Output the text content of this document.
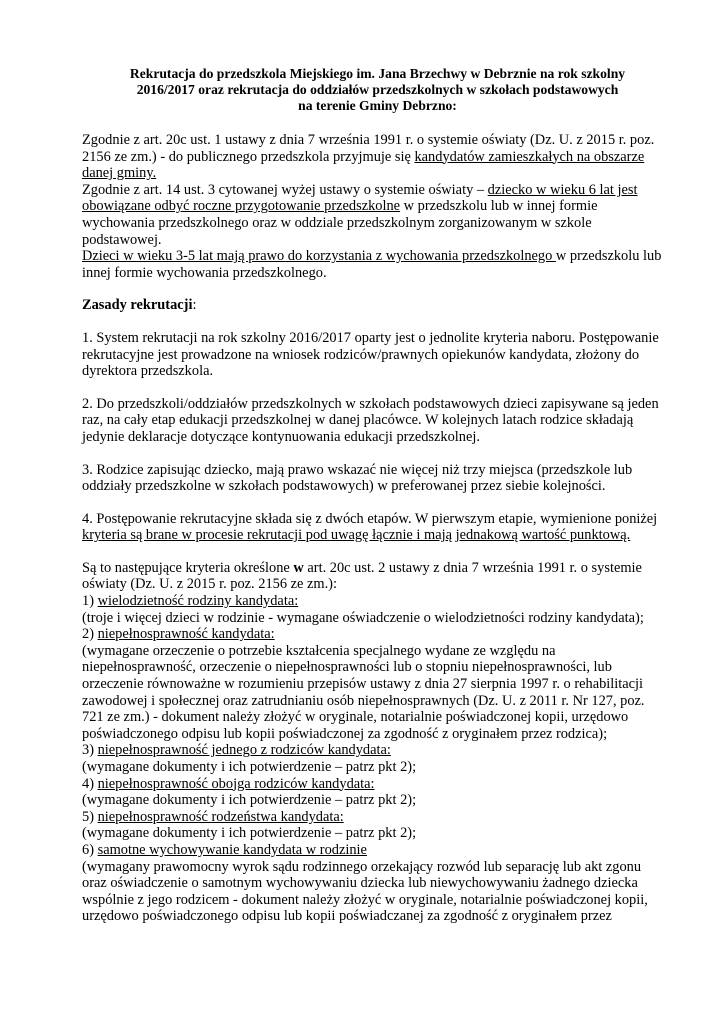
Rekrutacja do przedszkola Miejskiego im. Jana Brzechwy w Debrznie na rok szkolny
2016/2017 oraz rekrutacja do oddziałów przedszkolnych w szkołach podstawowych
na terenie Gminy Debrzno:

Zgodnie z art. 20c ust. 1 ustawy z dnia 7 września 1991 r. o systemie oświaty (Dz. U. z 2015 r. poz. 2156 ze zm.) - do publicznego przedszkola przyjmuje się kandydatów zamieszkałych na obszarze danej gminy.

Zgodnie z art. 14 ust. 3 cytowanej wyżej ustawy o systemie oświaty – dziecko w wieku 6 lat jest obowiązane odbyć roczne przygotowanie przedszkolne w przedszkolu lub w innej formie wychowania przedszkolnego oraz w oddziale przedszkolnym zorganizowanym w szkole podstawowej.

Dzieci w wieku 3-5 lat mają prawo do korzystania z wychowania przedszkolnego w przedszkolu lub innej formie wychowania przedszkolnego.

Zasady rekrutacji:

1. System rekrutacji na rok szkolny 2016/2017 oparty jest o jednolite kryteria naboru. Postępowanie rekrutacyjne jest prowadzone na wniosek rodziców/prawnych opiekunów kandydata, złożony do dyrektora przedszkola.

2. Do przedszkoli/oddziałów przedszkolnych w szkołach podstawowych dzieci zapisywane są jeden raz, na cały etap edukacji przedszkolnej w danej placówce. W kolejnych latach rodzice składają jedynie deklaracje dotyczące kontynuowania edukacji przedszkolnej.

3. Rodzice zapisując dziecko, mają prawo wskazać nie więcej niż trzy miejsca (przedszkole lub oddziały przedszkolne w szkołach podstawowych) w preferowanej przez siebie kolejności.

4. Postępowanie rekrutacyjne składa się z dwóch etapów. W pierwszym etapie, wymienione poniżej kryteria są brane w procesie rekrutacji pod uwagę łącznie i mają jednakową wartość punktową.

Są to następujące kryteria określone w art. 20c ust. 2 ustawy z dnia 7 września 1991 r. o systemie oświaty (Dz. U. z 2015 r. poz. 2156 ze zm.):

1) wielodzietność rodziny kandydata:

(troje i więcej dzieci w rodzinie - wymagane oświadczenie o wielodzietności rodziny kandydata);

2) niepełnosprawność kandydata:

(wymagane orzeczenie o potrzebie kształcenia specjalnego wydane ze względu na niepełnosprawność, orzeczenie o niepełnosprawności lub o stopniu niepełnosprawności, lub orzeczenie równoważne w rozumieniu przepisów ustawy z dnia 27 sierpnia 1997 r. o rehabilitacji zawodowej i społecznej oraz zatrudnianiu osób niepełnosprawnych (Dz. U. z 2011 r. Nr 127, poz. 721 ze zm.) - dokument należy złożyć w oryginale, notarialnie poświadczonej kopii, urzędowo poświadczonego odpisu lub kopii poświadczonej za zgodność z oryginałem przez rodzica);

3) niepełnosprawność jednego z rodziców kandydata:

(wymagane dokumenty i ich potwierdzenie – patrz pkt 2);

4) niepełnosprawność obojga rodziców kandydata:

(wymagane dokumenty i ich potwierdzenie – patrz pkt 2);

5) niepełnosprawność rodzeństwa kandydata:

(wymagane dokumenty i ich potwierdzenie – patrz pkt 2);

6) samotne wychowywanie kandydata w rodzinie

(wymagany prawomocny wyrok sądu rodzinnego orzekający rozwód lub separację lub akt zgonu oraz oświadczenie o samotnym wychowywaniu dziecka lub niewychowywaniu żadnego dziecka wspólnie z jego rodzicem - dokument należy złożyć w oryginale, notarialnie poświadczonej kopii, urzędowo poświadczonego odpisu lub kopii poświadczanej za zgodność z oryginałem przez
